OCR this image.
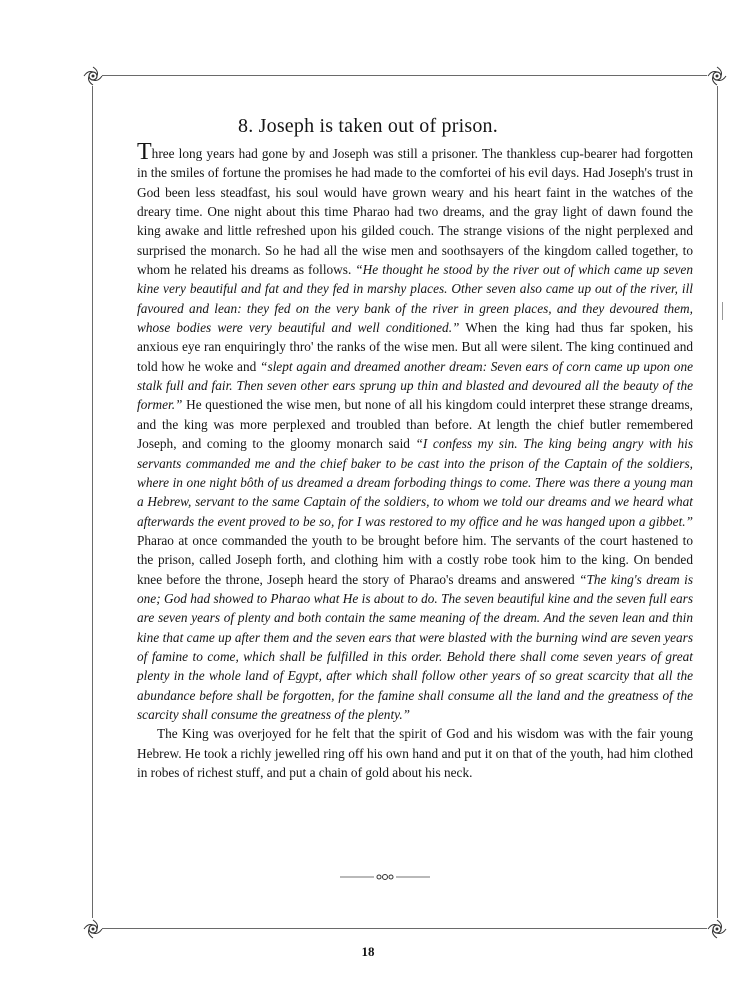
8. Joseph is taken out of prison.

Three long years had gone by and Joseph was still a prisoner. The thankless cup-bearer had forgotten in the smiles of fortune the promises he had made to the comfortei of his evil days. Had Joseph's trust in God been less steadfast, his soul would have grown weary and his heart faint in the watches of the dreary time. One night about this time Pharao had two dreams, and the gray light of dawn found the king awake and little refreshed upon his gilded couch. The strange visions of the night perplexed and surprised the monarch. So he had all the wise men and soothsayers of the kingdom called together, to whom he related his dreams as follows. “He thought he stood by the river out of which came up seven kine very beautiful and fat and they fed in marshy places. Other seven also came up out of the river, ill favoured and lean: they fed on the very bank of the river in green places, and they devoured them, whose bodies were very beautiful and well conditioned.” When the king had thus far spoken, his anxious eye ran enquiringly thro' the ranks of the wise men. But all were silent. The king continued and told how he woke and “slept again and dreamed another dream: Seven ears of corn came up upon one stalk full and fair. Then seven other ears sprung up thin and blasted and devoured all the beauty of the former.” He questioned the wise men, but none of all his kingdom could interpret these strange dreams, and the king was more perplexed and troubled than before. At length the chief butler remembered Joseph, and coming to the gloomy monarch said “I confess my sin. The king being angry with his servants commanded me and the chief baker to be cast into the prison of the Captain of the soldiers, where in one night bôth of us dreamed a dream forboding things to come. There was there a young man a Hebrew, servant to the same Captain of the soldiers, to whom we told our dreams and we heard what afterwards the event proved to be so, for I was restored to my office and he was hanged upon a gibbet.” Pharao at once commanded the youth to be brought before him. The servants of the court hastened to the prison, called Joseph forth, and clothing him with a costly robe took him to the king. On bended knee before the throne, Joseph heard the story of Pharao's dreams and answered “The king's dream is one; God had showed to Pharao what He is about to do. The seven beautiful kine and the seven full ears are seven years of plenty and both contain the same meaning of the dream. And the seven lean and thin kine that came up after them and the seven ears that were blasted with the burning wind are seven years of famine to come, which shall be fulfilled in this order. Behold there shall come seven years of great plenty in the whole land of Egypt, after which shall follow other years of so great scarcity that all the abundance before shall be forgotten, for the famine shall consume all the land and the greatness of the scarcity shall consume the greatness of the plenty.”

The King was overjoyed for he felt that the spirit of God and his wisdom was with the fair young Hebrew. He took a richly jewelled ring off his own hand and put it on that of the youth, had him clothed in robes of richest stuff, and put a chain of gold about his neck.

18
